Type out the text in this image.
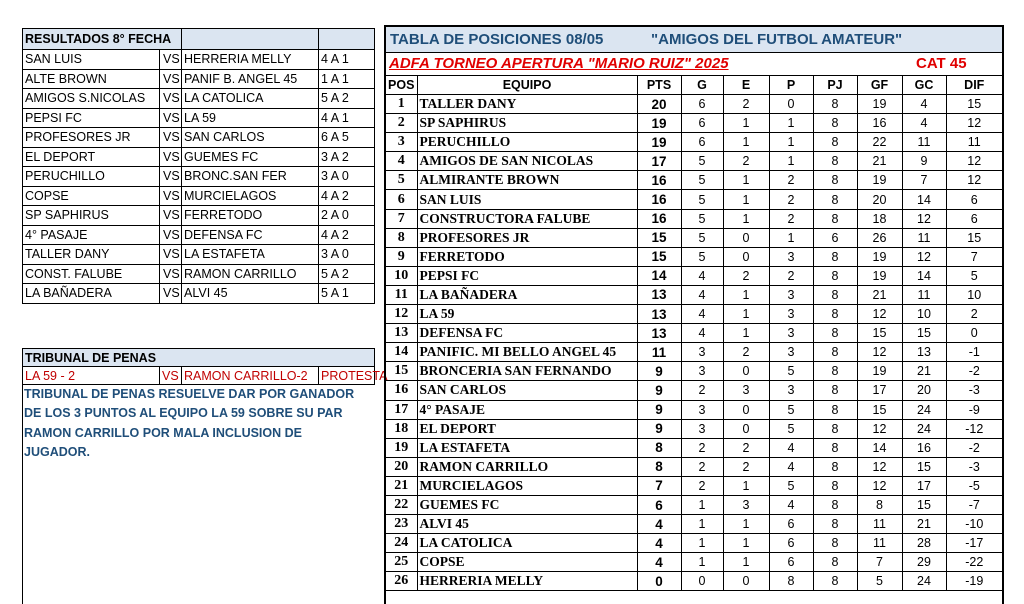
RESULTADOS 8° FECHA			
SAN LUIS	VS	HERRERIA MELLY	4 A 1
ALTE BROWN	VS	PANIF B. ANGEL 45	1 A 1
AMIGOS S.NICOLAS	VS	LA CATOLICA	5 A 2
PEPSI FC	VS	LA 59	4 A 1
PROFESORES JR	VS	SAN CARLOS	6 A 5
EL DEPORT	VS	GUEMES FC	3 A 2
PERUCHILLO	VS	BRONC.SAN FER	3 A 0
COPSE	VS	MURCIELAGOS	4 A 2
SP SAPHIRUS	VS	FERRETODO	2 A 0
4° PASAJE	VS	DEFENSA FC	4 A 2
TALLER DANY	VS	LA ESTAFETA	3 A 0
CONST. FALUBE	VS	RAMON CARRILLO	5 A 2
LA BAÑADERA	VS	ALVI 45	5 A 1
TRIBUNAL DE PENAS
LA 59 - 2	VS	RAMON CARRILLO-2	PROTESTA
TRIBUNAL DE PENAS RESUELVE DAR POR GANADOR
DE LOS 3 PUNTOS AL EQUIPO LA 59 SOBRE SU PAR
RAMON CARRILLO POR MALA INCLUSION DE
JUGADOR.
TABLA DE POSICIONES 08/05	"AMIGOS DEL FUTBOL AMATEUR"
ADFA TORNEO APERTURA "MARIO RUIZ" 2025	CAT 45
POS	EQUIPO	PTS	G	E	P	PJ	GF	GC	DIF
1	TALLER DANY	20	6	2	0	8	19	4	15
2	SP SAPHIRUS	19	6	1	1	8	16	4	12
3	PERUCHILLO	19	6	1	1	8	22	11	11
4	AMIGOS DE SAN NICOLAS	17	5	2	1	8	21	9	12
5	ALMIRANTE BROWN	16	5	1	2	8	19	7	12
6	SAN LUIS	16	5	1	2	8	20	14	6
7	CONSTRUCTORA FALUBE	16	5	1	2	8	18	12	6
8	PROFESORES JR	15	5	0	1	6	26	11	15
9	FERRETODO	15	5	0	3	8	19	12	7
10	PEPSI FC	14	4	2	2	8	19	14	5
11	LA BAÑADERA	13	4	1	3	8	21	11	10
12	LA 59	13	4	1	3	8	12	10	2
13	DEFENSA FC	13	4	1	3	8	15	15	0
14	PANIFIC. MI BELLO ANGEL 45	11	3	2	3	8	12	13	-1
15	BRONCERIA SAN FERNANDO	9	3	0	5	8	19	21	-2
16	SAN CARLOS	9	2	3	3	8	17	20	-3
17	4° PASAJE	9	3	0	5	8	15	24	-9
18	EL DEPORT	9	3	0	5	8	12	24	-12
19	LA ESTAFETA	8	2	2	4	8	14	16	-2
20	RAMON CARRILLO	8	2	2	4	8	12	15	-3
21	MURCIELAGOS	7	2	1	5	8	12	17	-5
22	GUEMES FC	6	1	3	4	8	8	15	-7
23	ALVI 45	4	1	1	6	8	11	21	-10
24	LA CATOLICA	4	1	1	6	8	11	28	-17
25	COPSE	4	1	1	6	8	7	29	-22
26	HERRERIA MELLY	0	0	0	8	8	5	24	-19
